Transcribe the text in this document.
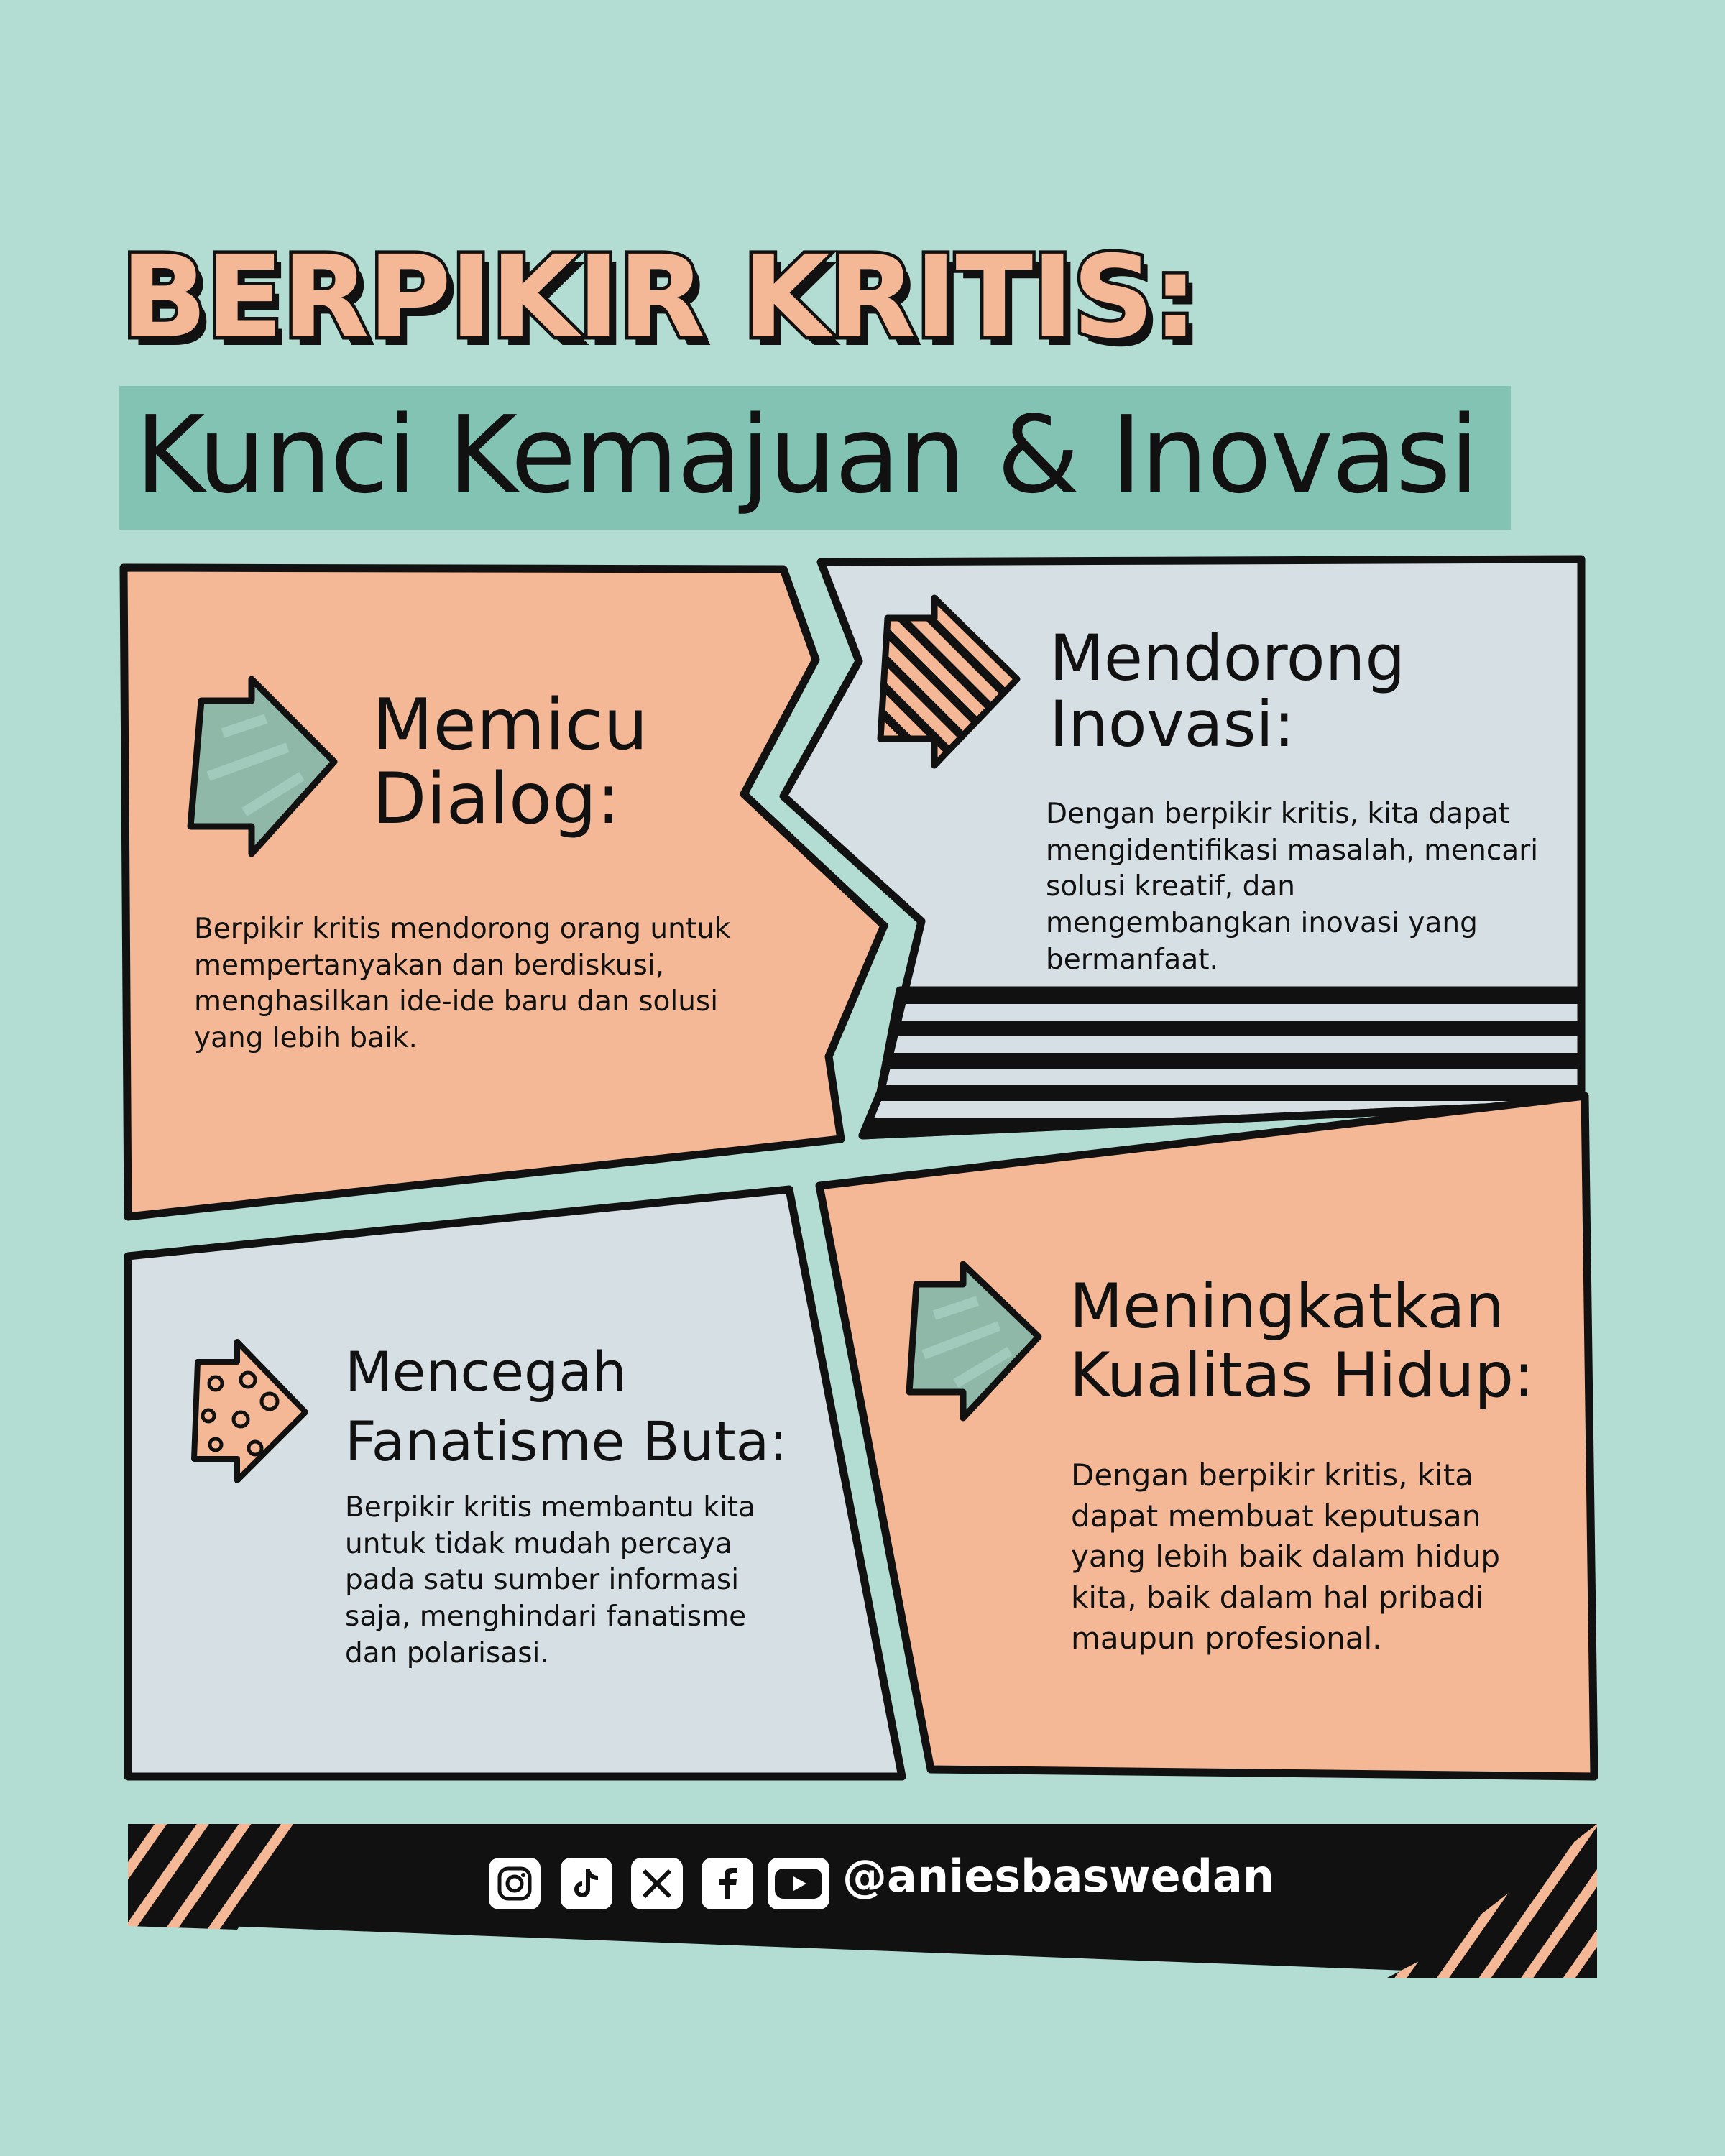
BERPIKIR KRITIS:
Kunci Kemajuan & Inovasi
Memicu
Dialog:
Berpikir kritis mendorong orang untuk mempertanyakan dan berdiskusi, menghasilkan ide-ide baru dan solusi yang lebih baik.
Mendorong
Inovasi:
Dengan berpikir kritis, kita dapat mengidentifikasi masalah, mencari solusi kreatif, dan mengembangkan inovasi yang bermanfaat.
Mencegah
Fanatisme Buta:
Berpikir kritis membantu kita untuk tidak mudah percaya pada satu sumber informasi saja, menghindari fanatisme dan polarisasi.
Meningkatkan
Kualitas Hidup:
Dengan berpikir kritis, kita dapat membuat keputusan yang lebih baik dalam hidup kita, baik dalam hal pribadi maupun profesional.
@aniesbaswedan
